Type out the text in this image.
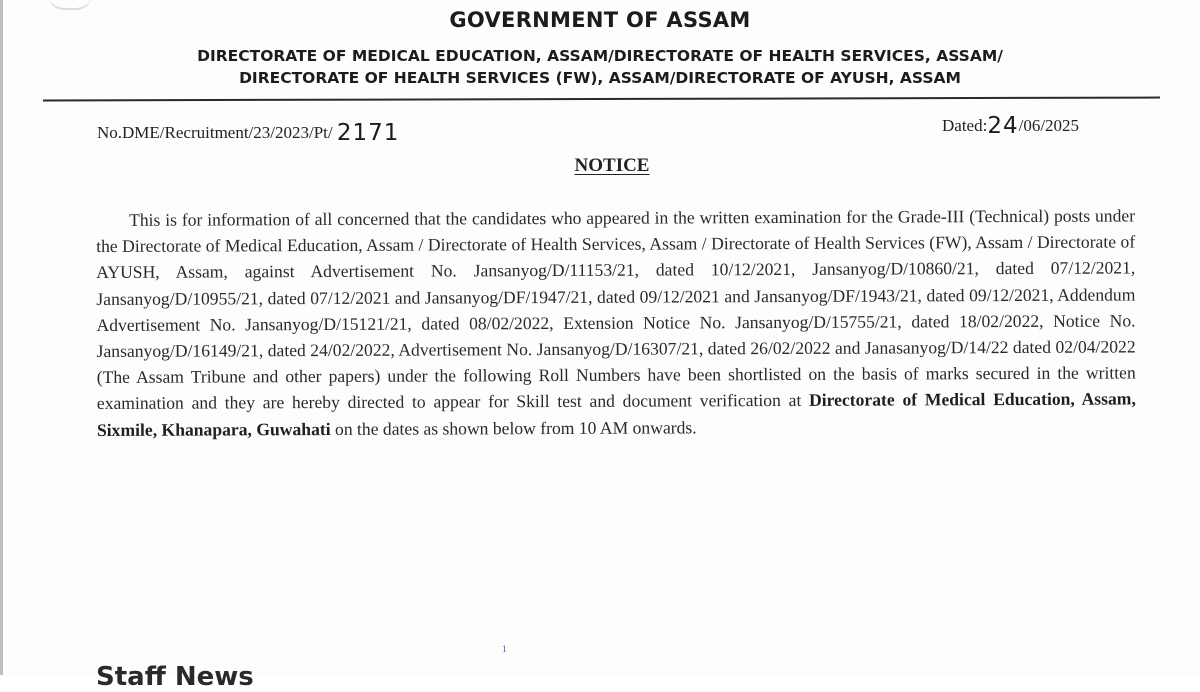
GOVERNMENT OF ASSAM
DIRECTORATE OF MEDICAL EDUCATION, ASSAM/DIRECTORATE OF HEALTH SERVICES, ASSAM/
DIRECTORATE OF HEALTH SERVICES (FW), ASSAM/DIRECTORATE OF AYUSH, ASSAM
No.DME/Recruitment/23/2023/Pt/ 2171	Dated:24/06/2025
NOTICE
This is for information of all concerned that the candidates who appeared in the written examination for the Grade-III (Technical) posts under the Directorate of Medical Education, Assam / Directorate of Health Services, Assam / Directorate of Health Services (FW), Assam / Directorate of AYUSH, Assam, against Advertisement No. Jansanyog/D/11153/21, dated 10/12/2021, Jansanyog/D/10860/21, dated 07/12/2021, Jansanyog/D/10955/21, dated 07/12/2021 and Jansanyog/DF/1947/21, dated 09/12/2021 and Jansanyog/DF/1943/21, dated 09/12/2021, Addendum Advertisement No. Jansanyog/D/15121/21, dated 08/02/2022, Extension Notice No. Jansanyog/D/15755/21, dated 18/02/2022, Notice No. Jansanyog/D/16149/21, dated 24/02/2022, Advertisement No. Jansanyog/D/16307/21, dated 26/02/2022 and Janasanyog/D/14/22 dated 02/04/2022 (The Assam Tribune and other papers) under the following Roll Numbers have been shortlisted on the basis of marks secured in the written examination and they are hereby directed to appear for Skill test and document verification at Directorate of Medical Education, Assam, Sixmile, Khanapara, Guwahati on the dates as shown below from 10 AM onwards.
1
Staff News
